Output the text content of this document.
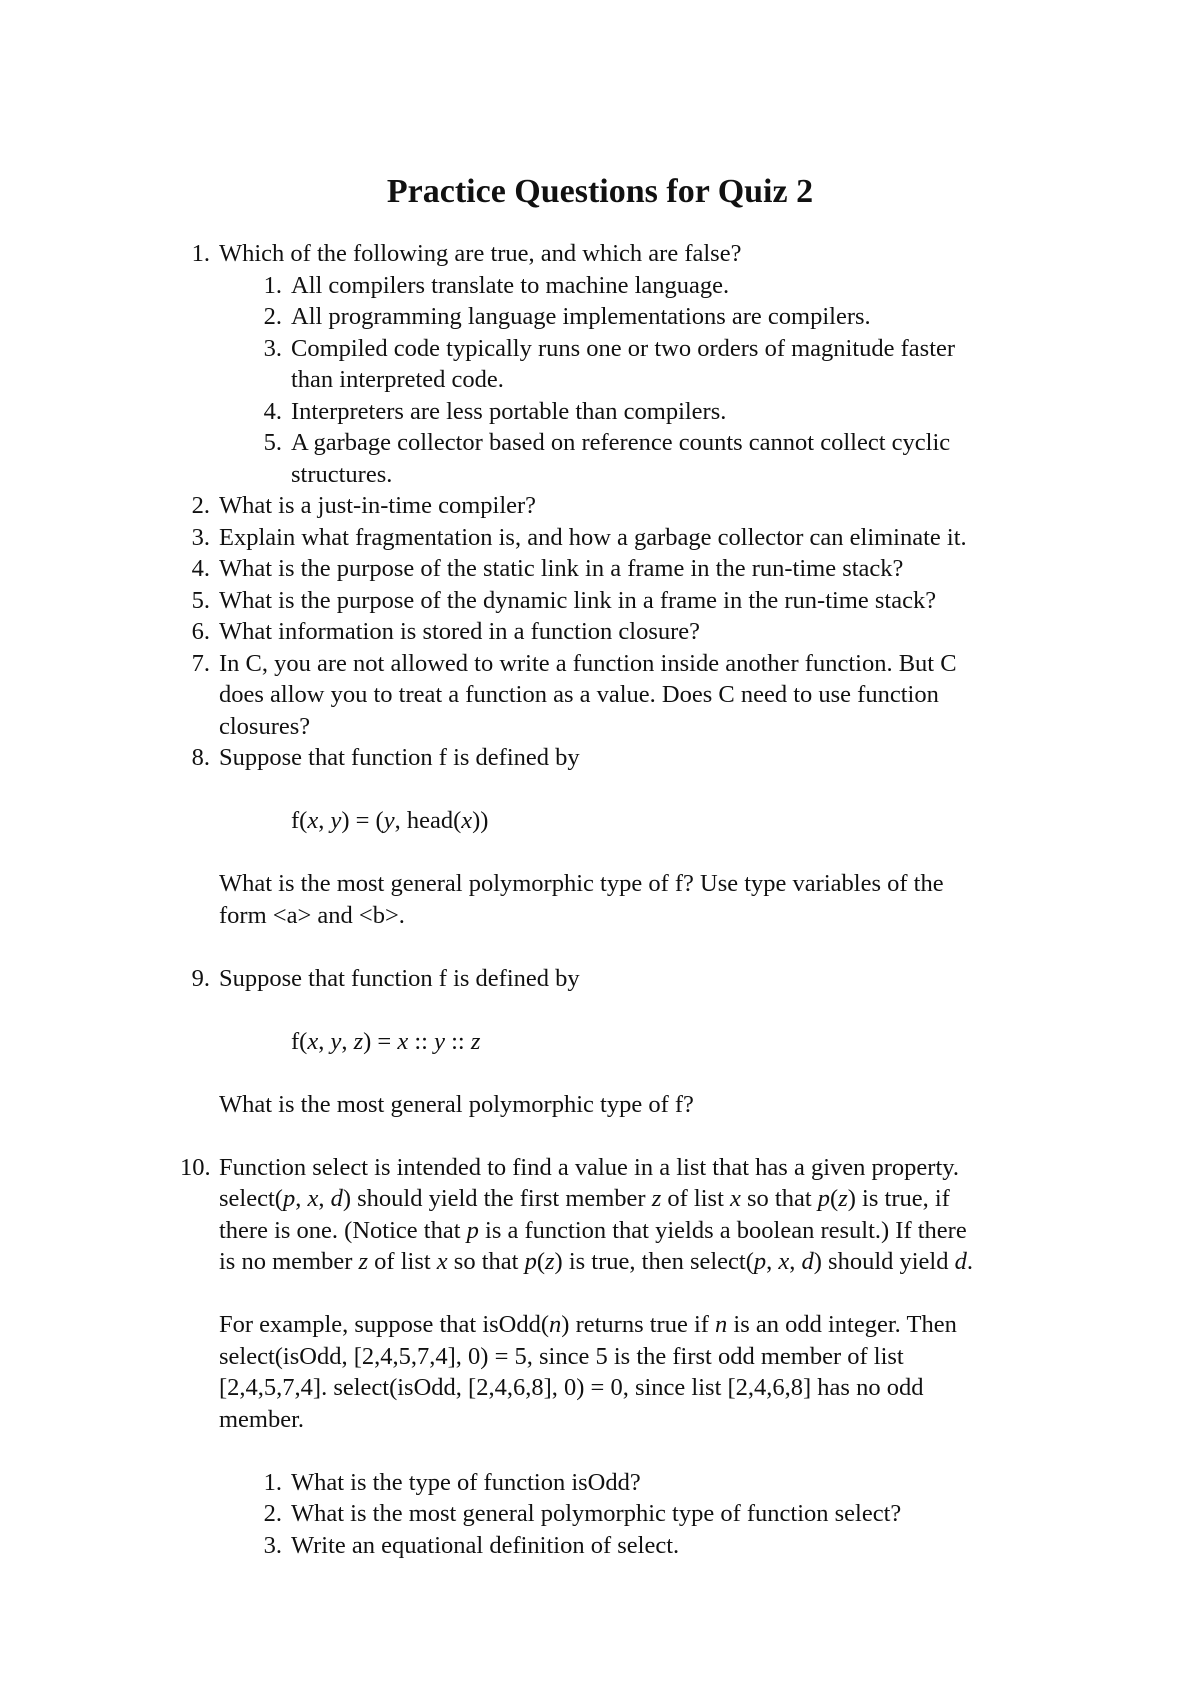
Practice Questions for Quiz 2
1. Which of the following are true, and which are false?
1. All compilers translate to machine language.
2. All programming language implementations are compilers.
3. Compiled code typically runs one or two orders of magnitude faster
than interpreted code.
4. Interpreters are less portable than compilers.
5. A garbage collector based on reference counts cannot collect cyclic
structures.
2. What is a just-in-time compiler?
3. Explain what fragmentation is, and how a garbage collector can eliminate it.
4. What is the purpose of the static link in a frame in the run-time stack?
5. What is the purpose of the dynamic link in a frame in the run-time stack?
6. What information is stored in a function closure?
7. In C, you are not allowed to write a function inside another function. But C
does allow you to treat a function as a value. Does C need to use function
closures?
8. Suppose that function f is defined by
f(x, y) = (y, head(x))
What is the most general polymorphic type of f? Use type variables of the
form <a> and <b>.
9. Suppose that function f is defined by
f(x, y, z) = x :: y :: z
What is the most general polymorphic type of f?
10. Function select is intended to find a value in a list that has a given property.
select(p, x, d) should yield the first member z of list x so that p(z) is true, if
there is one. (Notice that p is a function that yields a boolean result.) If there
is no member z of list x so that p(z) is true, then select(p, x, d) should yield d.
For example, suppose that isOdd(n) returns true if n is an odd integer. Then
select(isOdd, [2,4,5,7,4], 0) = 5, since 5 is the first odd member of list
[2,4,5,7,4]. select(isOdd, [2,4,6,8], 0) = 0, since list [2,4,6,8] has no odd
member.
1. What is the type of function isOdd?
2. What is the most general polymorphic type of function select?
3. Write an equational definition of select.
